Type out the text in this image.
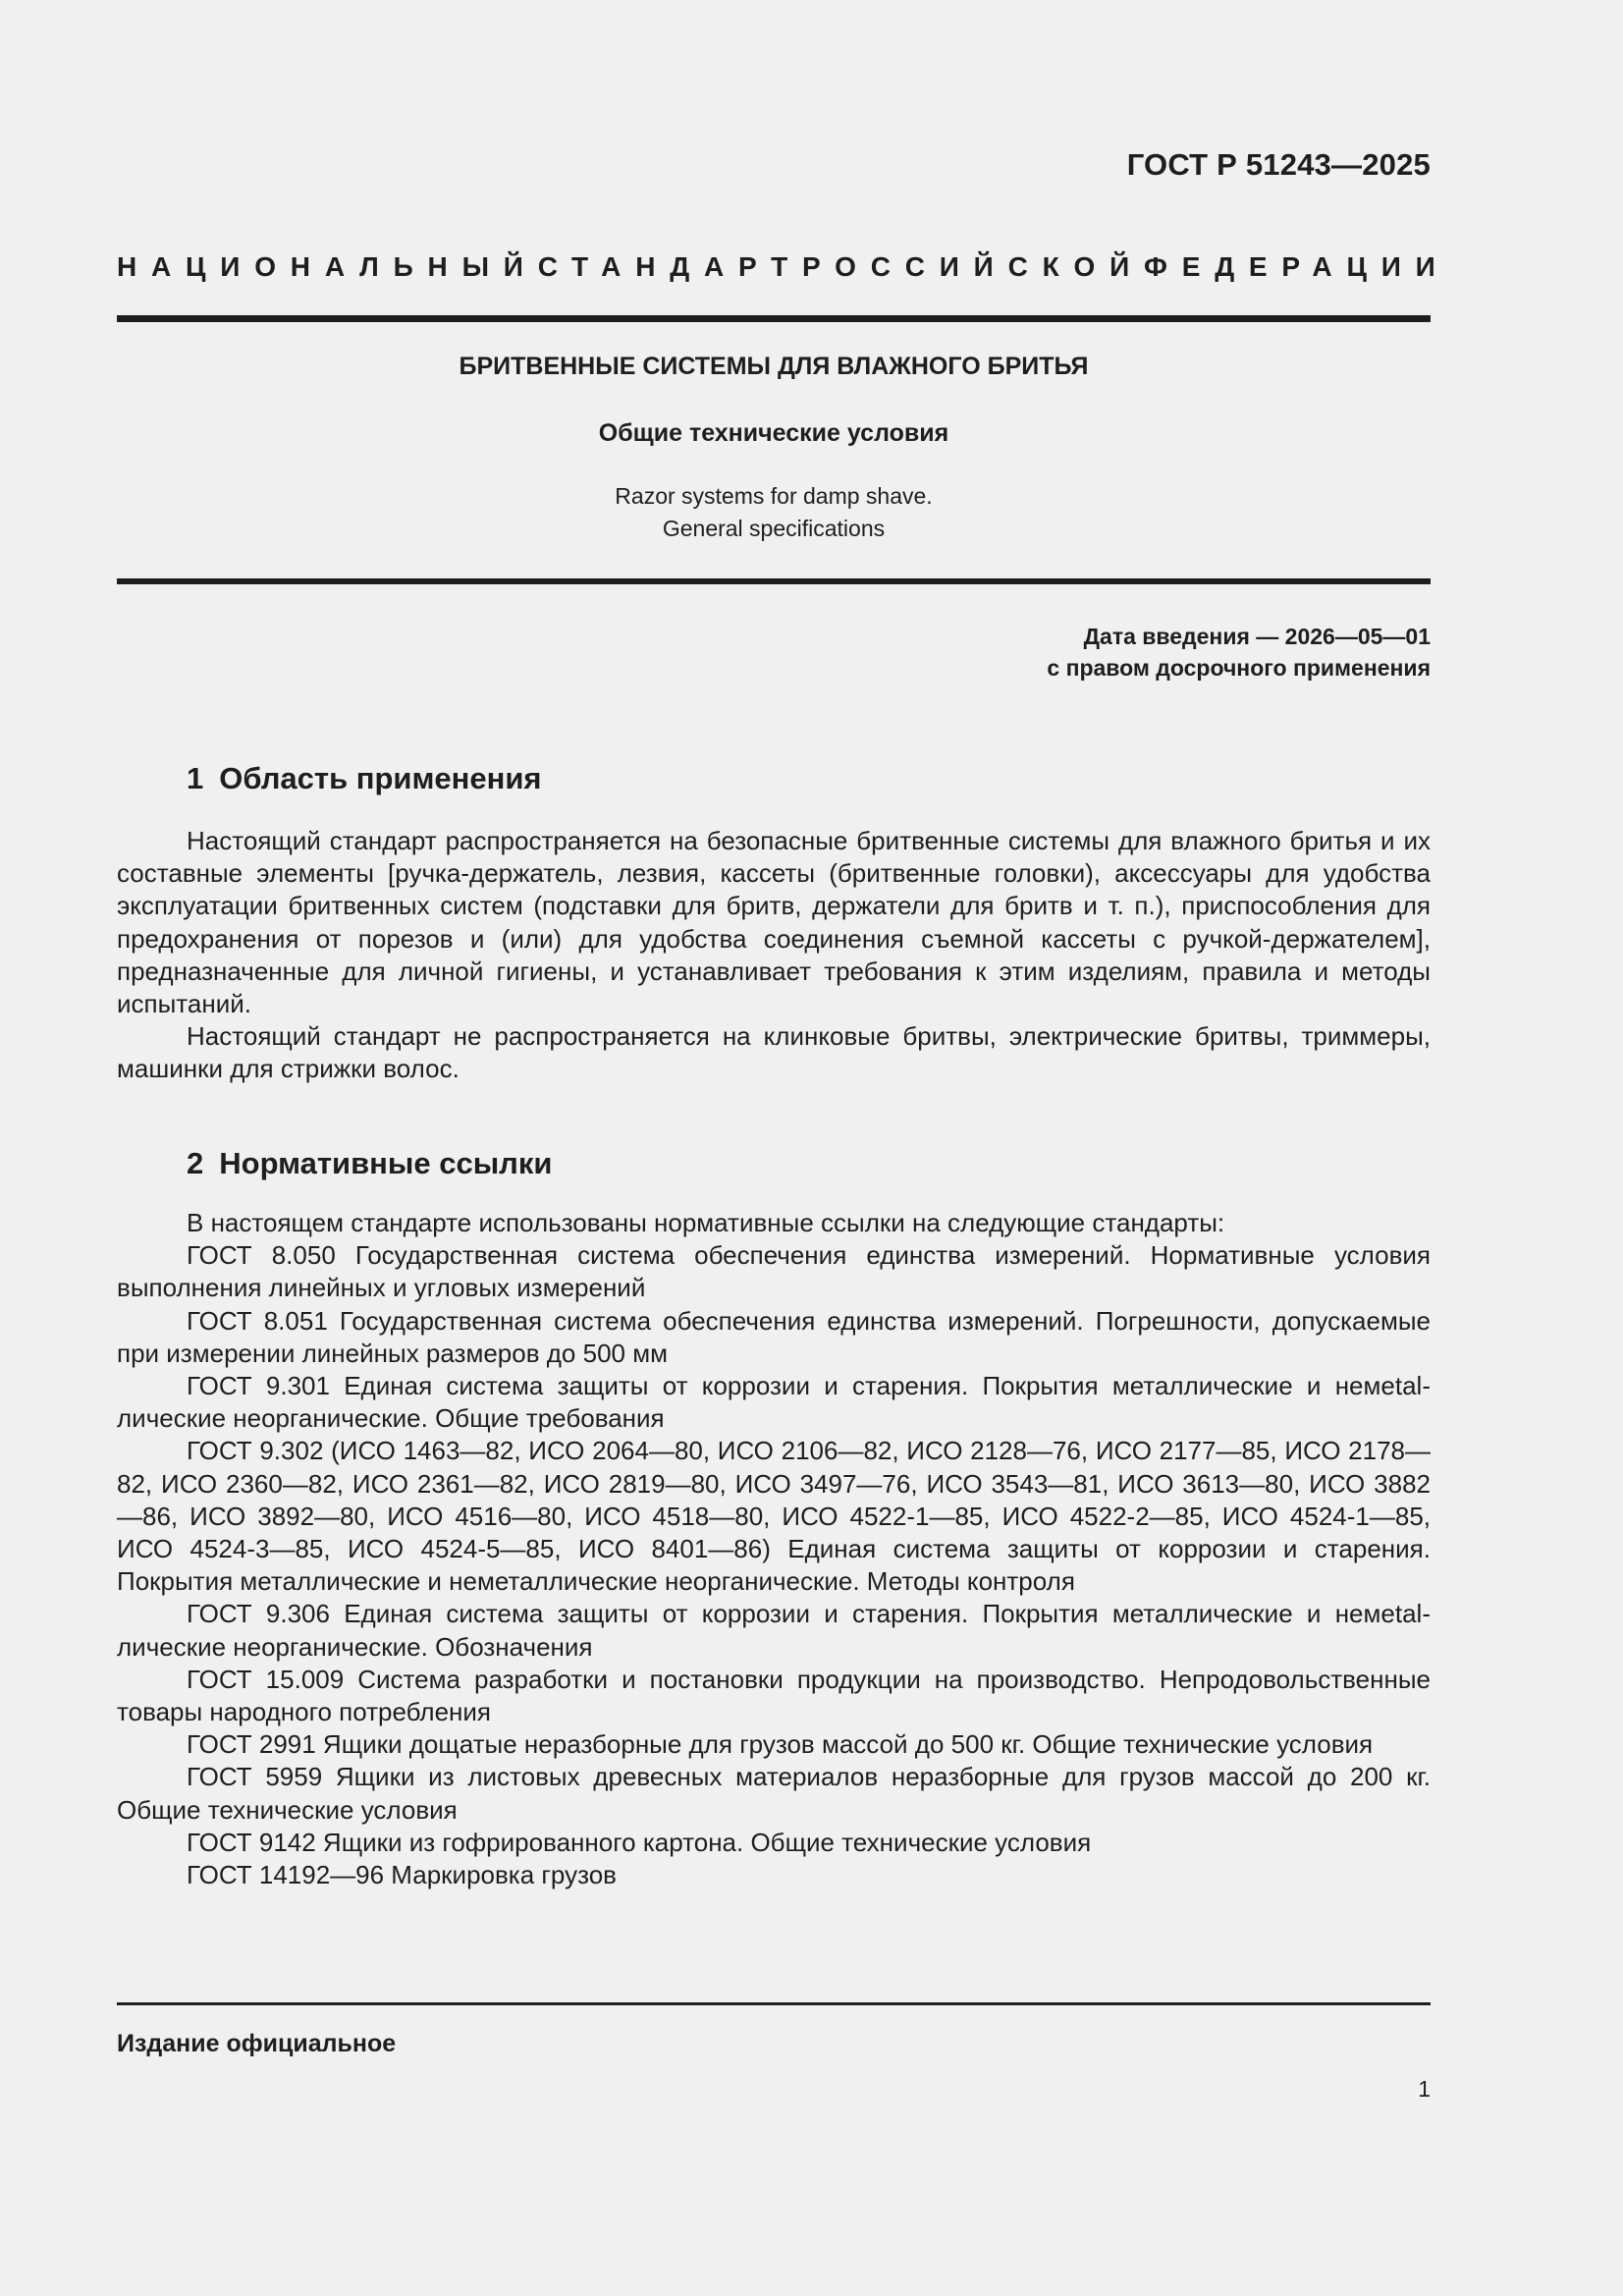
ГОСТ Р 51243—2025
НАЦИОНАЛЬНЫЙ СТАНДАРТ РОССИЙСКОЙ ФЕДЕРАЦИИ
БРИТВЕННЫЕ СИСТЕМЫ ДЛЯ ВЛАЖНОГО БРИТЬЯ
Общие технические условия
Razor systems for damp shave.
General specifications
Дата введения — 2026—05—01
с правом досрочного применения
1 Область применения

Настоящий стандарт распространяется на безопасные бритвенные системы для влажного бритья и их составные элементы [ручка-держатель, лезвия, кассеты (бритвенные головки), аксессуары для удобства эксплуатации бритвенных систем (подставки для бритв, держатели для бритв и т. п.), приспособления для предохранения от порезов и (или) для удобства соединения съемной кассеты с ручкой-держателем], предназначенные для личной гигиены, и устанавливает требования к этим изделиям, правила и методы испытаний.

Настоящий стандарт не распространяется на клинковые бритвы, электрические бритвы, триммеры, машинки для стрижки волос.

2 Нормативные ссылки

В настоящем стандарте использованы нормативные ссылки на следующие стандарты:

ГОСТ 8.050 Государственная система обеспечения единства измерений. Нормативные условия выполнения линейных и угловых измерений

ГОСТ 8.051 Государственная система обеспечения единства измерений. Погрешности, допускаемые при измерении линейных размеров до 500 мм

ГОСТ 9.301 Единая система защиты от коррозии и старения. Покрытия металлические и немetalлические неорганические. Общие требования

ГОСТ 9.302 (ИСО 1463—82, ИСО 2064—80, ИСО 2106—82, ИСО 2128—76, ИСО 2177—85, ИСО 2178—82, ИСО 2360—82, ИСО 2361—82, ИСО 2819—80, ИСО 3497—76, ИСО 3543—81, ИСО 3613—80, ИСО 3882—86, ИСО 3892—80, ИСО 4516—80, ИСО 4518—80, ИСО 4522-1—85, ИСО 4522-2—85, ИСО 4524-1—85, ИСО 4524-3—85, ИСО 4524-5—85, ИСО 8401—86) Единая система защиты от коррозии и старения. Покрытия металлические и неметаллические неорганические. Методы контроля

ГОСТ 9.306 Единая система защиты от коррозии и старения. Покрытия металлические и немetalлические неорганические. Обозначения

ГОСТ 15.009 Система разработки и постановки продукции на производство. Непродовольственные товары народного потребления

ГОСТ 2991 Ящики дощатые неразборные для грузов массой до 500 кг. Общие технические условия

ГОСТ 5959 Ящики из листовых древесных материалов неразборные для грузов массой до 200 кг. Общие технические условия

ГОСТ 9142 Ящики из гофрированного картона. Общие технические условия

ГОСТ 14192—96 Маркировка грузов

Издание официальное
1
